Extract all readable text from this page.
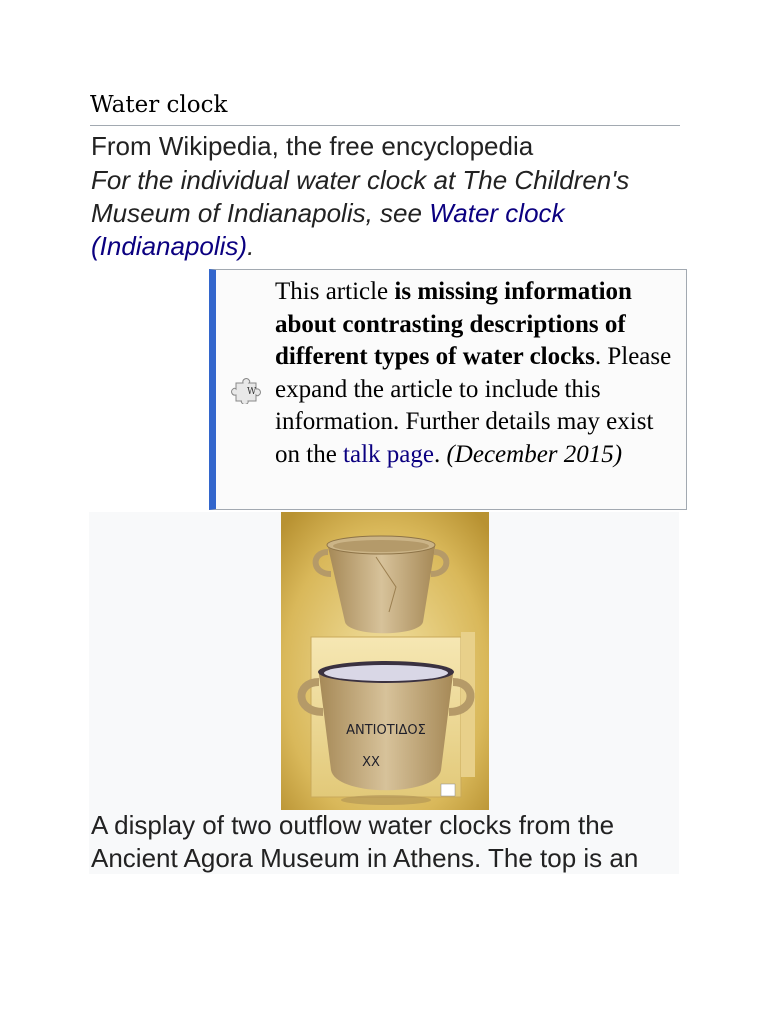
Water clock
From Wikipedia, the free encyclopedia
For the individual water clock at The Children's Museum of Indianapolis, see Water clock (Indianapolis).
W
This article is missing information about contrasting descriptions of different types of water clocks. Please expand the article to include this information. Further details may exist on the talk page. (December 2015)
ΑΝΤΙΟΤΙΔΟΣ
ΧΧ
A display of two outflow water clocks from the Ancient Agora Museum in Athens. The top is an
